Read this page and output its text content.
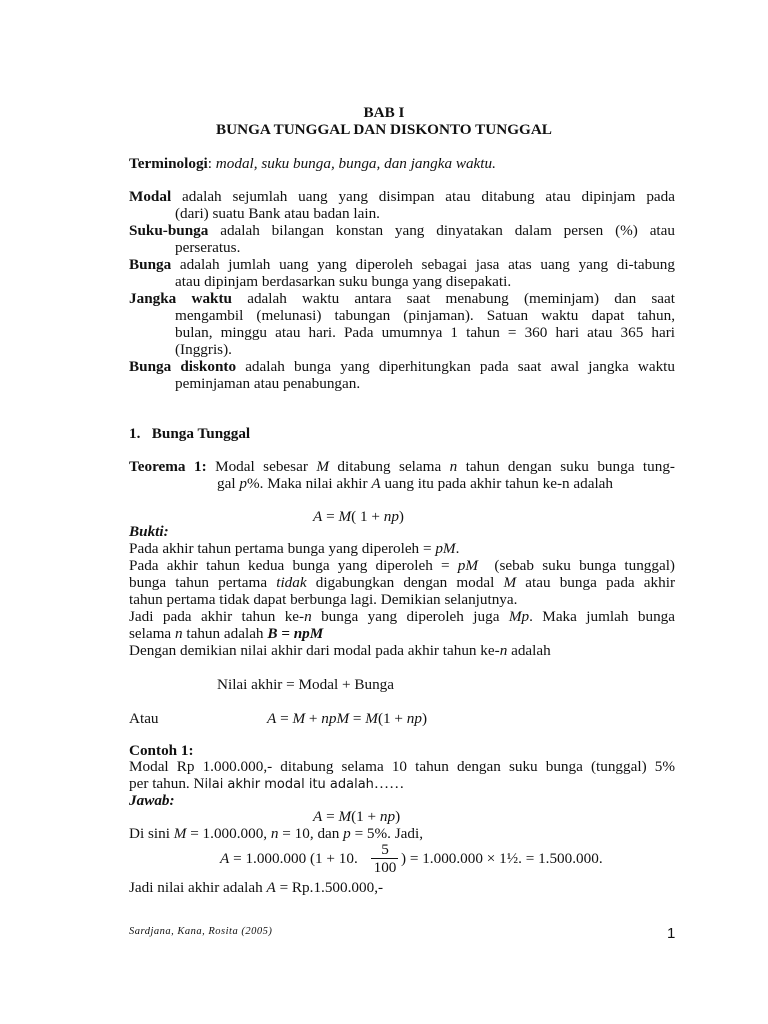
BAB I
BUNGA TUNGGAL DAN DISKONTO TUNGGAL
Terminologi: modal, suku bunga, bunga, dan jangka waktu.
Modal adalah sejumlah uang yang disimpan atau ditabung atau dipinjam pada
(dari) suatu Bank atau badan lain.
Suku-bunga adalah bilangan konstan yang dinyatakan dalam persen (%) atau
perseratus.
Bunga adalah jumlah uang yang diperoleh sebagai jasa atas uang yang di-tabung
atau dipinjam berdasarkan suku bunga yang disepakati.
Jangka waktu adalah waktu antara saat menabung (meminjam) dan saat
mengambil (melunasi) tabungan (pinjaman). Satuan waktu dapat tahun,
bulan, minggu atau hari. Pada umumnya 1 tahun = 360 hari atau 365 hari
(Inggris).
Bunga diskonto adalah bunga yang diperhitungkan pada saat awal jangka waktu
peminjaman atau penabungan.
1.   Bunga Tunggal
Teorema 1: Modal sebesar M ditabung selama n tahun dengan suku bunga tung-
gal p%. Maka nilai akhir A uang itu pada akhir tahun ke-n adalah
A = M( 1 + np)
Bukti:
Pada akhir tahun pertama bunga yang diperoleh = pM.
Pada akhir tahun kedua bunga yang diperoleh = pM  (sebab suku bunga tunggal)
bunga tahun pertama tidak digabungkan dengan modal M atau bunga pada akhir
tahun pertama tidak dapat berbunga lagi. Demikian selanjutnya.
Jadi pada akhir tahun ke-n bunga yang diperoleh juga Mp. Maka jumlah bunga
selama n tahun adalah B = npM
Dengan demikian nilai akhir dari modal pada akhir tahun ke-n adalah
Nilai akhir = Modal + Bunga
Atau	A = M + npM = M(1 + np)
Contoh 1:
Modal Rp 1.000.000,- ditabung selama 10 tahun dengan suku bunga (tunggal) 5%
per tahun. Nilai akhir modal itu adalah……
Jawab:
A = M(1 + np)
Di sini M = 1.000.000, n = 10, dan p = 5%. Jadi,
A = 1.000.000 (1 + 10.
5
100
) = 1.000.000 × 1½. = 1.500.000.
Jadi nilai akhir adalah A = Rp.1.500.000,-
Sardjana, Kana, Rosita (2005)	1
